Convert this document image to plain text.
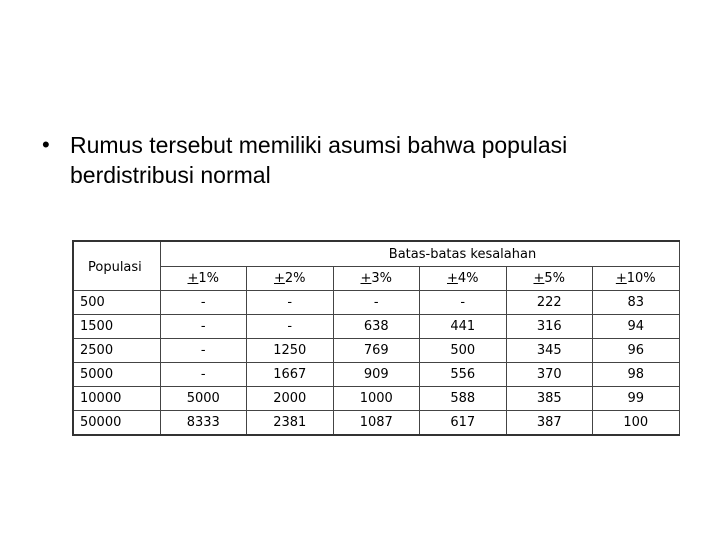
• Rumus tersebut memiliki asumsi bahwa populasi berdistribusi normal
Populasi	Batas-batas kesalahan					
	+1%	+2%	+3%	+4%	+5%	+10%
500	-	-	-	-	222	83
1500	-	-	638	441	316	94
2500	-	1250	769	500	345	96
5000	-	1667	909	556	370	98
10000	5000	2000	1000	588	385	99
50000	8333	2381	1087	617	387	100
